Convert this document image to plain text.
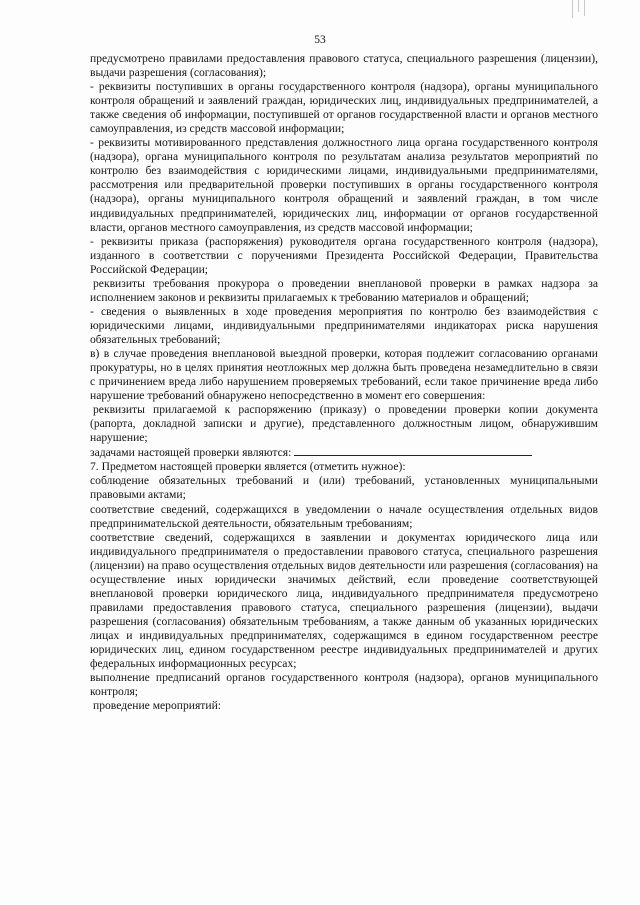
53

предусмотрено правилами предоставления правового статуса, специального разрешения (лицензии), выдачи разрешения (согласования);

- реквизиты поступивших в органы государственного контроля (надзора), органы муниципального контроля обращений и заявлений граждан, юридических лиц, индивидуальных предпринимателей, а также сведения об информации, поступившей от органов государственной власти и органов местного самоуправления, из средств массовой информации;

- реквизиты мотивированного представления должностного лица органа государственного контроля (надзора), органа муниципального контроля по результатам анализа результатов мероприятий по контролю без взаимодействия с юридическими лицами, индивидуальными предпринимателями, рассмотрения или предварительной проверки поступивших в органы государственного контроля (надзора), органы муниципального контроля обращений и заявлений граждан, в том числе индивидуальных предпринимателей, юридических лиц, информации от органов государственной власти, органов местного самоуправления, из средств массовой информации;

- реквизиты приказа (распоряжения) руководителя органа государственного контроля (надзора), изданного в соответствии с поручениями Президента Российской Федерации, Правительства Российской Федерации;

реквизиты требования прокурора о проведении внеплановой проверки в рамках надзора за исполнением законов и реквизиты прилагаемых к требованию материалов и обращений;

- сведения о выявленных в ходе проведения мероприятия по контролю без взаимодействия с юридическими лицами, индивидуальными предпринимателями индикаторах риска нарушения обязательных требований;

в) в случае проведения внеплановой выездной проверки, которая подлежит согласованию органами прокуратуры, но в целях принятия неотложных мер должна быть проведена незамедлительно в связи с причинением вреда либо нарушением проверяемых требований, если такое причинение вреда либо нарушение требований обнаружено непосредственно в момент его совершения:

реквизиты прилагаемой к распоряжению (приказу) о проведении проверки копии документа (рапорта, докладной записки и другие), представленного должностным лицом, обнаружившим нарушение;

задачами настоящей проверки являются:

7. Предметом настоящей проверки является (отметить нужное):

соблюдение обязательных требований и (или) требований, установленных муниципальными правовыми актами;

соответствие сведений, содержащихся в уведомлении о начале осуществления отдельных видов предпринимательской деятельности, обязательным требованиям;

соответствие сведений, содержащихся в заявлении и документах юридического лица или индивидуального предпринимателя о предоставлении правового статуса, специального разрешения (лицензии) на право осуществления отдельных видов деятельности или разрешения (согласования) на осуществление иных юридически значимых действий, если проведение соответствующей внеплановой проверки юридического лица, индивидуального предпринимателя предусмотрено правилами предоставления правового статуса, специального разрешения (лицензии), выдачи разрешения (согласования) обязательным требованиям, а также данным об указанных юридических лицах и индивидуальных предпринимателях, содержащимся в едином государственном реестре юридических лиц, едином государственном реестре индивидуальных предпринимателей и других федеральных информационных ресурсах;

выполнение предписаний органов государственного контроля (надзора), органов муниципального контроля;

проведение мероприятий:
